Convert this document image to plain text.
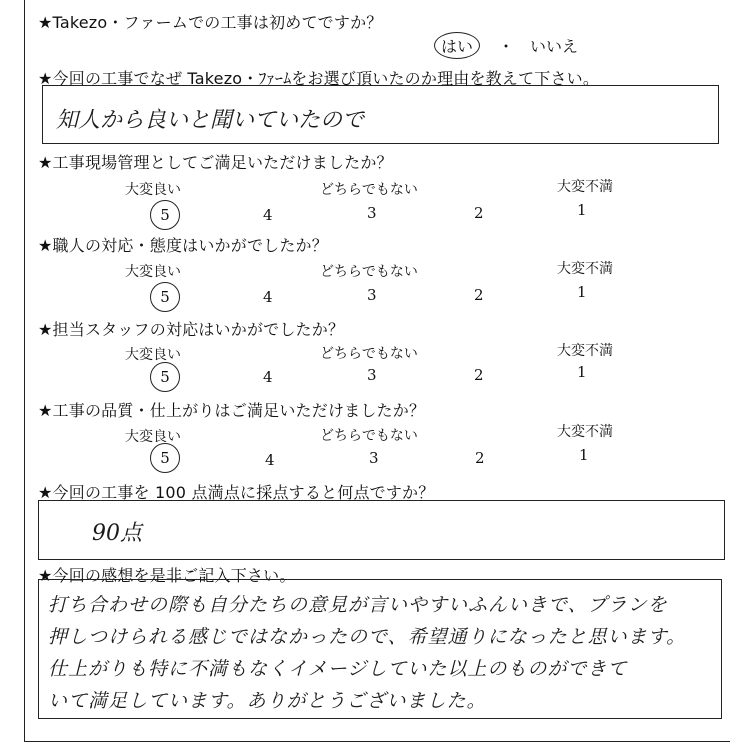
★Takezo・ファームでの工事は初めてですか？
はい ・ いいえ
★今回の工事でなぜ Takezo・ﾌｧｰﾑをお選び頂いたのか理由を教えて下さい。
知人から良いと聞いていたので
★工事現場管理としてご満足いただけましたか？
大変良い	どちらでもない	大変不満
5	4	3	2	1
★職人の対応・態度はいかがでしたか？
大変良い	どちらでもない	大変不満
5	4	3	2	1
★担当スタッフの対応はいかがでしたか？
大変良い	どちらでもない	大変不満
5	4	3	2	1
★工事の品質・仕上がりはご満足いただけましたか？
大変良い	どちらでもない	大変不満
5	4	3	2	1
★今回の工事を 100 点満点に採点すると何点ですか？
90点
★今回の感想を是非ご記入下さい。
打ち合わせの際も自分たちの意見が言いやすいふんいきで、プランを
押しつけられる感じではなかったので、希望通りになったと思います。
仕上がりも特に不満もなくイメージしていた以上のものができて
いて満足しています。ありがとうございました。
